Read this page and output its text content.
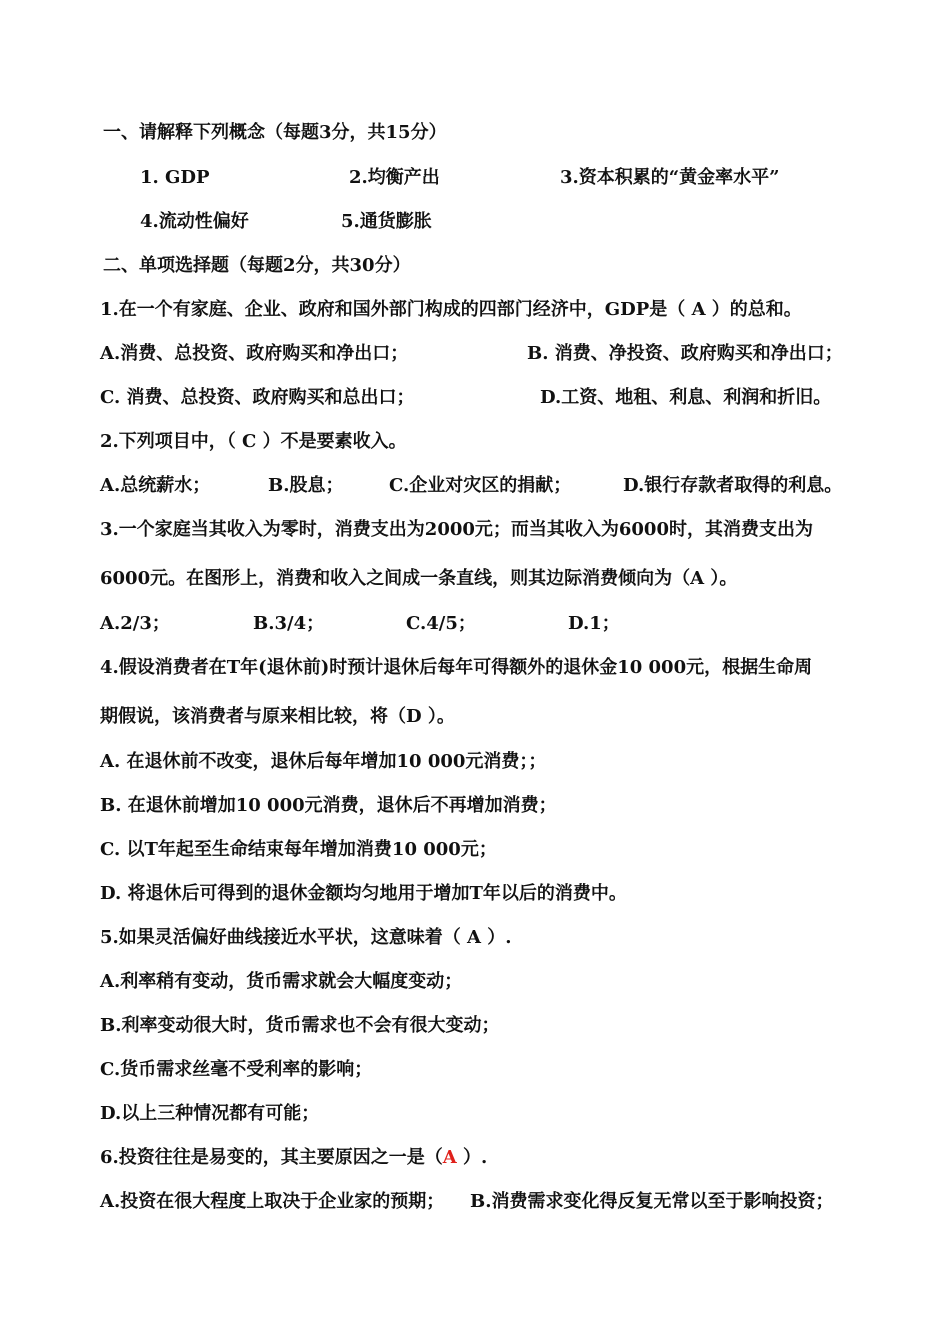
一、请解释下列概念（每题3分，共15分）
1. GDP	2.均衡产出	3.资本积累的“黄金率水平”
4.流动性偏好	5.通货膨胀
二、单项选择题（每题2分，共30分）
1.在一个有家庭、企业、政府和国外部门构成的四部门经济中，GDP是（ A ）的总和。
A.消费、总投资、政府购买和净出口；	B. 消费、净投资、政府购买和净出口；
C. 消费、总投资、政府购买和总出口；	D.工资、地租、利息、利润和折旧。
2.下列项目中，（ C ）不是要素收入。
A.总统薪水；	B.股息；	C.企业对灾区的捐献；	D.银行存款者取得的利息。
3.一个家庭当其收入为零时，消费支出为2000元；而当其收入为6000时，其消费支出为
6000元。在图形上，消费和收入之间成一条直线，则其边际消费倾向为（A ）。
A.2/3；	B.3/4；	C.4/5；	D.1；
4.假设消费者在T年(退休前)时预计退休后每年可得额外的退休金10 000元，根据生命周
期假说，该消费者与原来相比较，将（D ）。
A. 在退休前不改变，退休后每年增加10 000元消费；；
B. 在退休前增加10 000元消费，退休后不再增加消费；
C. 以T年起至生命结束每年增加消费10 000元；
D. 将退休后可得到的退休金额均匀地用于增加T年以后的消费中。
5.如果灵活偏好曲线接近水平状，这意味着（ A ）.
A.利率稍有变动，货币需求就会大幅度变动；
B.利率变动很大时，货币需求也不会有很大变动；
C.货币需求丝毫不受利率的影响；
D.以上三种情况都有可能；
6.投资往往是易变的，其主要原因之一是（A ）.
A.投资在很大程度上取决于企业家的预期； B.消费需求变化得反复无常以至于影响投资；
